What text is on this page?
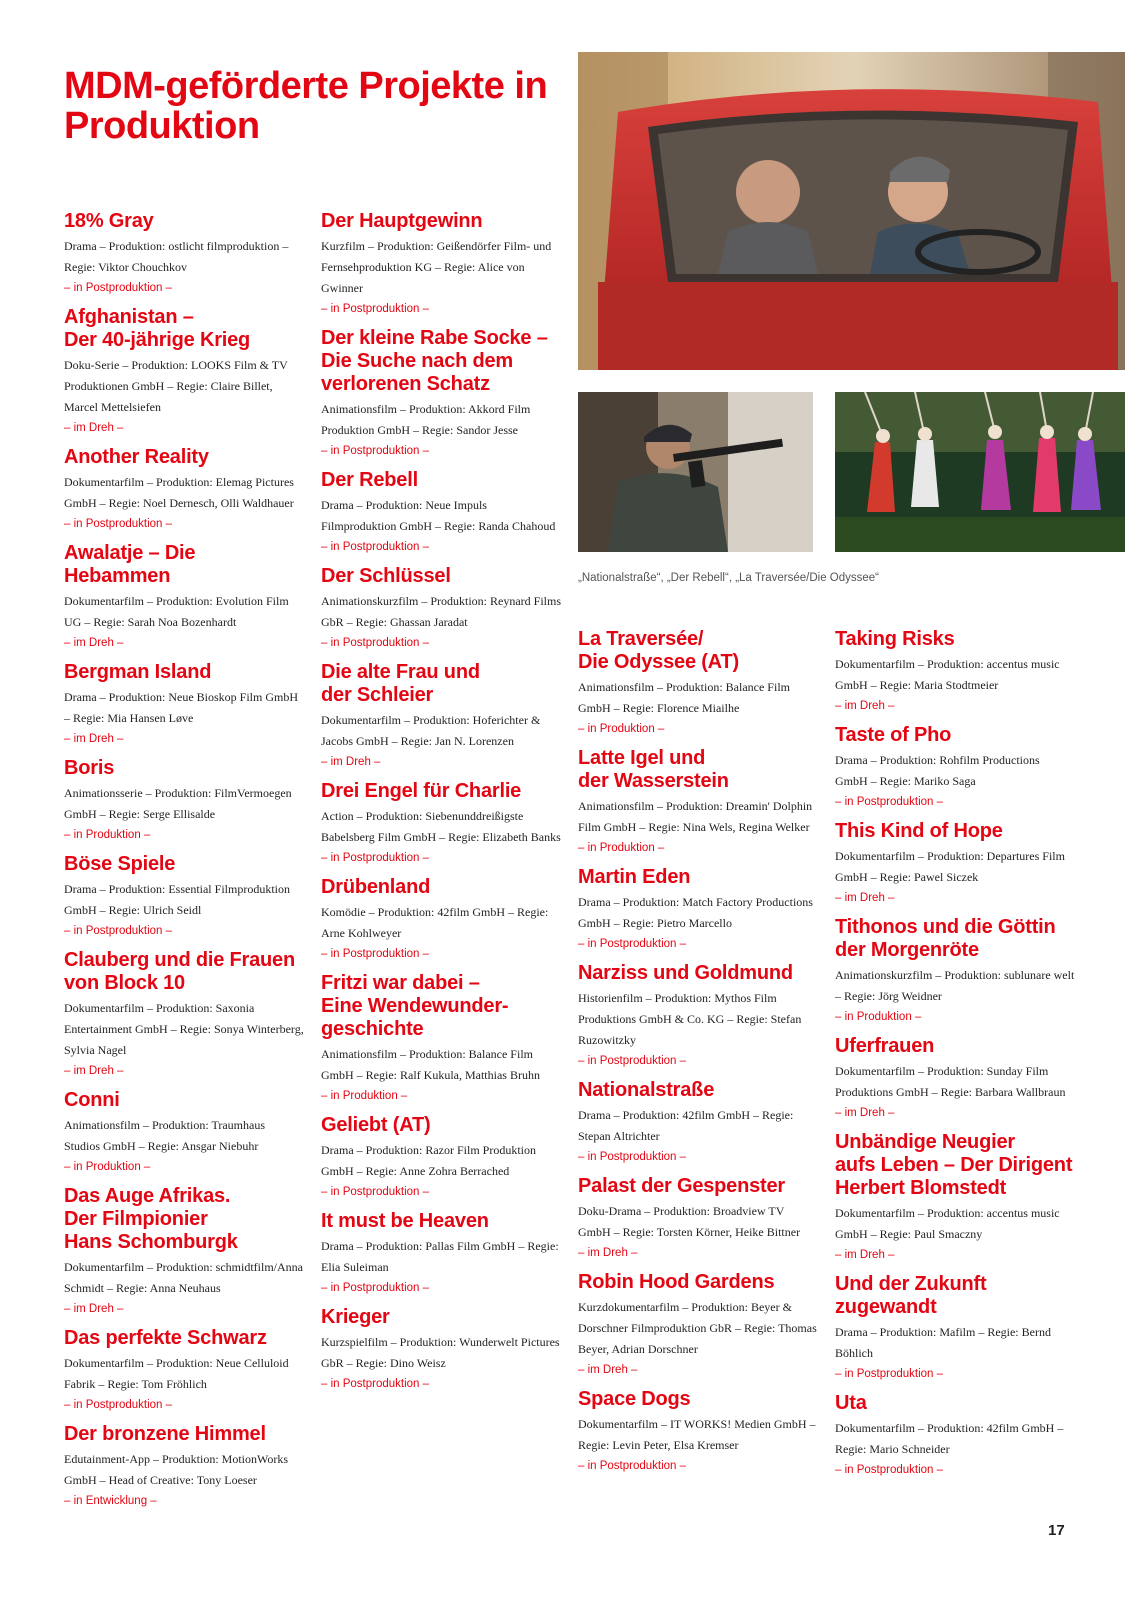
MDM-geförderte Projekte in Produktion
„Nationalstraße“, „Der Rebell“, „La Traversée/Die Odyssee“
18% Gray
Drama – Produktion: ostlicht filmproduktion – Regie: Viktor Chouchkov
– in Postproduktion –
Afghanistan –
Der 40-jährige Krieg
Doku-Serie – Produktion: LOOKS Film & TV Produktionen GmbH – Regie: Claire Billet, Marcel Mettelsiefen
– im Dreh –
Another Reality
Dokumentarfilm – Produktion: Elemag Pictures GmbH – Regie: Noel Dernesch, Olli Waldhauer
– in Postproduktion –
Awalatje – Die Hebammen
Dokumentarfilm – Produktion: Evolution Film UG – Regie: Sarah Noa Bozenhardt
– im Dreh –
Bergman Island
Drama – Produktion: Neue Bioskop Film GmbH – Regie: Mia Hansen Løve
– im Dreh –
Boris
Animationsserie – Produktion: FilmVermoegen GmbH – Regie: Serge Ellisalde
– in Produktion –
Böse Spiele
Drama – Produktion: Essential Filmproduktion GmbH – Regie: Ulrich Seidl
– in Postproduktion –
Clauberg und die Frauen
von Block 10
Dokumentarfilm – Produktion: Saxonia Entertainment GmbH – Regie: Sonya Winterberg, Sylvia Nagel
– im Dreh –
Conni
Animationsfilm – Produktion: Traumhaus Studios GmbH – Regie: Ansgar Niebuhr
– in Produktion –
Das Auge Afrikas.
Der Filmpionier
Hans Schomburgk
Dokumentarfilm – Produktion: schmidtfilm/Anna Schmidt – Regie: Anna Neuhaus
– im Dreh –
Das perfekte Schwarz
Dokumentarfilm – Produktion: Neue Celluloid Fabrik – Regie: Tom Fröhlich
– in Postproduktion –
Der bronzene Himmel
Edutainment-App – Produktion: MotionWorks GmbH – Head of Creative: Tony Loeser
– in Entwicklung –
Der Hauptgewinn
Kurzfilm – Produktion: Geißendörfer Film- und Fernsehproduktion KG – Regie: Alice von Gwinner
– in Postproduktion –
Der kleine Rabe Socke –
Die Suche nach dem
verlorenen Schatz
Animationsfilm – Produktion: Akkord Film Produktion GmbH – Regie: Sandor Jesse
– in Postproduktion –
Der Rebell
Drama – Produktion: Neue Impuls Filmproduktion GmbH – Regie: Randa Chahoud
– in Postproduktion –
Der Schlüssel
Animationskurzfilm – Produktion: Reynard Films GbR – Regie: Ghassan Jaradat
– in Postproduktion –
Die alte Frau und
der Schleier
Dokumentarfilm – Produktion: Hoferichter & Jacobs GmbH – Regie: Jan N. Lorenzen
– im Dreh –
Drei Engel für Charlie
Action – Produktion: Siebenunddreißigste Babelsberg Film GmbH – Regie: Elizabeth Banks
– in Postproduktion –
Drübenland
Komödie – Produktion: 42film GmbH – Regie: Arne Kohlweyer
– in Postproduktion –
Fritzi war dabei –
Eine Wendewunder-
geschichte
Animationsfilm – Produktion: Balance Film GmbH – Regie: Ralf Kukula, Matthias Bruhn
– in Produktion –
Geliebt (AT)
Drama – Produktion: Razor Film Produktion GmbH – Regie: Anne Zohra Berrached
– in Postproduktion –
It must be Heaven
Drama – Produktion: Pallas Film GmbH – Regie: Elia Suleiman
– in Postproduktion –
Krieger
Kurzspielfilm – Produktion: Wunderwelt Pictures GbR – Regie: Dino Weisz
– in Postproduktion –
La Traversée/
Die Odyssee (AT)
Animationsfilm – Produktion: Balance Film GmbH – Regie: Florence Miailhe
– in Produktion –
Latte Igel und
der Wasserstein
Animationsfilm – Produktion: Dreamin' Dolphin Film GmbH – Regie: Nina Wels, Regina Welker
– in Produktion –
Martin Eden
Drama – Produktion: Match Factory Productions GmbH – Regie: Pietro Marcello
– in Postproduktion –
Narziss und Goldmund
Historienfilm – Produktion: Mythos Film Produktions GmbH & Co. KG – Regie: Stefan Ruzowitzky
– in Postproduktion –
Nationalstraße
Drama – Produktion: 42film GmbH – Regie: Stepan Altrichter
– in Postproduktion –
Palast der Gespenster
Doku-Drama – Produktion: Broadview TV GmbH – Regie: Torsten Körner, Heike Bittner
– im Dreh –
Robin Hood Gardens
Kurzdokumentarfilm – Produktion: Beyer & Dorschner Filmproduktion GbR – Regie: Thomas Beyer, Adrian Dorschner
– im Dreh –
Space Dogs
Dokumentarfilm – IT WORKS! Medien GmbH – Regie: Levin Peter, Elsa Kremser
– in Postproduktion –
Taking Risks
Dokumentarfilm – Produktion: accentus music GmbH – Regie: Maria Stodtmeier
– im Dreh –
Taste of Pho
Drama – Produktion: Rohfilm Productions GmbH – Regie: Mariko Saga
– in Postproduktion –
This Kind of Hope
Dokumentarfilm – Produktion: Departures Film GmbH – Regie: Pawel Siczek
– im Dreh –
Tithonos und die Göttin
der Morgenröte
Animationskurzfilm – Produktion: sublunare welt – Regie: Jörg Weidner
– in Produktion –
Uferfrauen
Dokumentarfilm – Produktion: Sunday Film Produktions GmbH – Regie: Barbara Wallbraun
– im Dreh –
Unbändige Neugier
aufs Leben – Der Dirigent
Herbert Blomstedt
Dokumentarfilm – Produktion: accentus music GmbH – Regie: Paul Smaczny
– im Dreh –
Und der Zukunft
zugewandt
Drama – Produktion: Mafilm – Regie: Bernd Böhlich
– in Postproduktion –
Uta
Dokumentarfilm – Produktion: 42film GmbH – Regie: Mario Schneider
– in Postproduktion –
17
